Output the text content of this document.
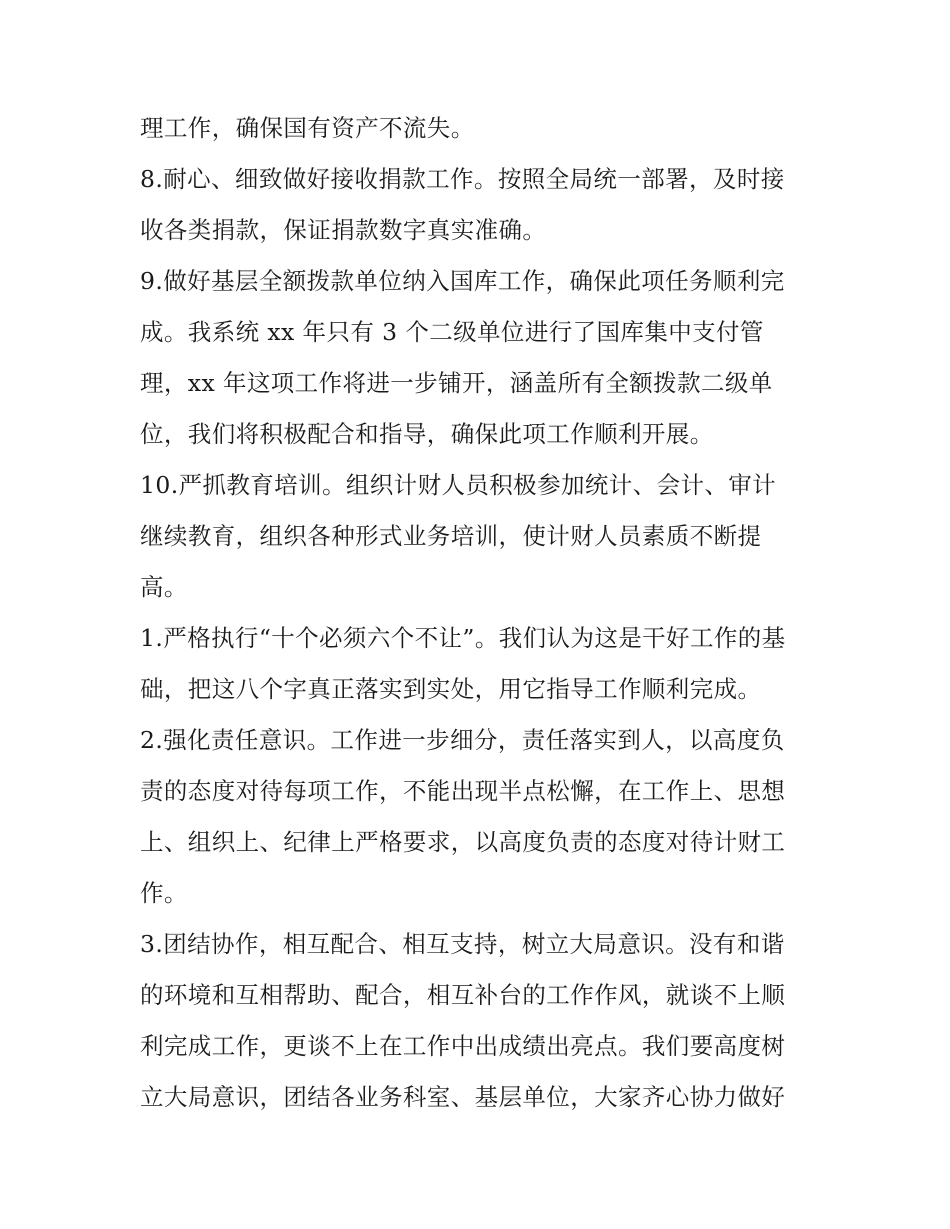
理工作，确保国有资产不流失。
8.耐心、细致做好接收捐款工作。按照全局统一部署，及时接
收各类捐款，保证捐款数字真实准确。
9.做好基层全额拨款单位纳入国库工作，确保此项任务顺利完
成。我系统 xx 年只有 3 个二级单位进行了国库集中支付管
理，xx 年这项工作将进一步铺开，涵盖所有全额拨款二级单
位，我们将积极配合和指导，确保此项工作顺利开展。
10.严抓教育培训。组织计财人员积极参加统计、会计、审计
继续教育，组织各种形式业务培训，使计财人员素质不断提
高。
1.严格执行“十个必须六个不让”。我们认为这是干好工作的基
础，把这八个字真正落实到实处，用它指导工作顺利完成。
2.强化责任意识。工作进一步细分，责任落实到人，以高度负
责的态度对待每项工作，不能出现半点松懈，在工作上、思想
上、组织上、纪律上严格要求，以高度负责的态度对待计财工
作。
3.团结协作，相互配合、相互支持，树立大局意识。没有和谐
的环境和互相帮助、配合，相互补台的工作作风，就谈不上顺
利完成工作，更谈不上在工作中出成绩出亮点。我们要高度树
立大局意识，团结各业务科室、基层单位，大家齐心协力做好
